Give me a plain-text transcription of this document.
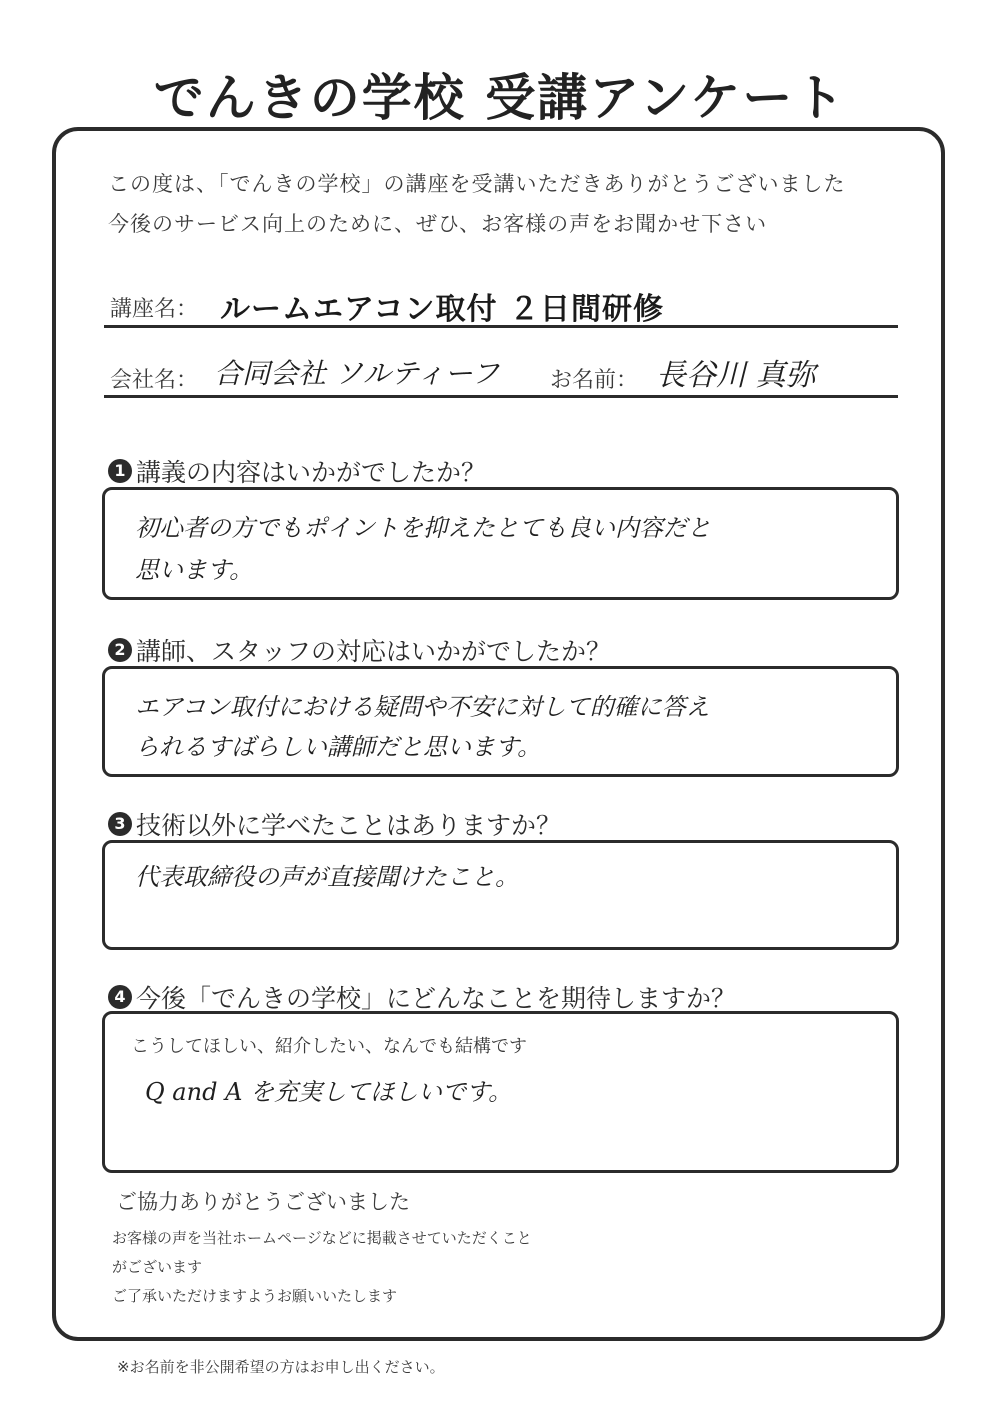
でんきの学校 受講アンケート
この度は、「でんきの学校」の講座を受講いただきありがとうございました
今後のサービス向上のために、ぜひ、お客様の声をお聞かせ下さい
講座名： ルームエアコン取付 ２日間研修
会社名： 合同会社 ソルティーフ お名前： 長谷川 真弥
1 講義の内容はいかがでしたか？
初心者の方でもポイントを抑えたとても良い内容だと
思います。
2 講師、スタッフの対応はいかがでしたか？
エアコン取付における疑問や不安に対して的確に答え
られるすばらしい講師だと思います。
3 技術以外に学べたことはありますか？
代表取締役の声が直接聞けたこと。
4 今後「でんきの学校」にどんなことを期待しますか？
こうしてほしい、紹介したい、なんでも結構です
Q and A を充実してほしいです。
ご協力ありがとうございました
お客様の声を当社ホームページなどに掲載させていただくこと
がございます
ご了承いただけますようお願いいたします
※お名前を非公開希望の方はお申し出ください。
